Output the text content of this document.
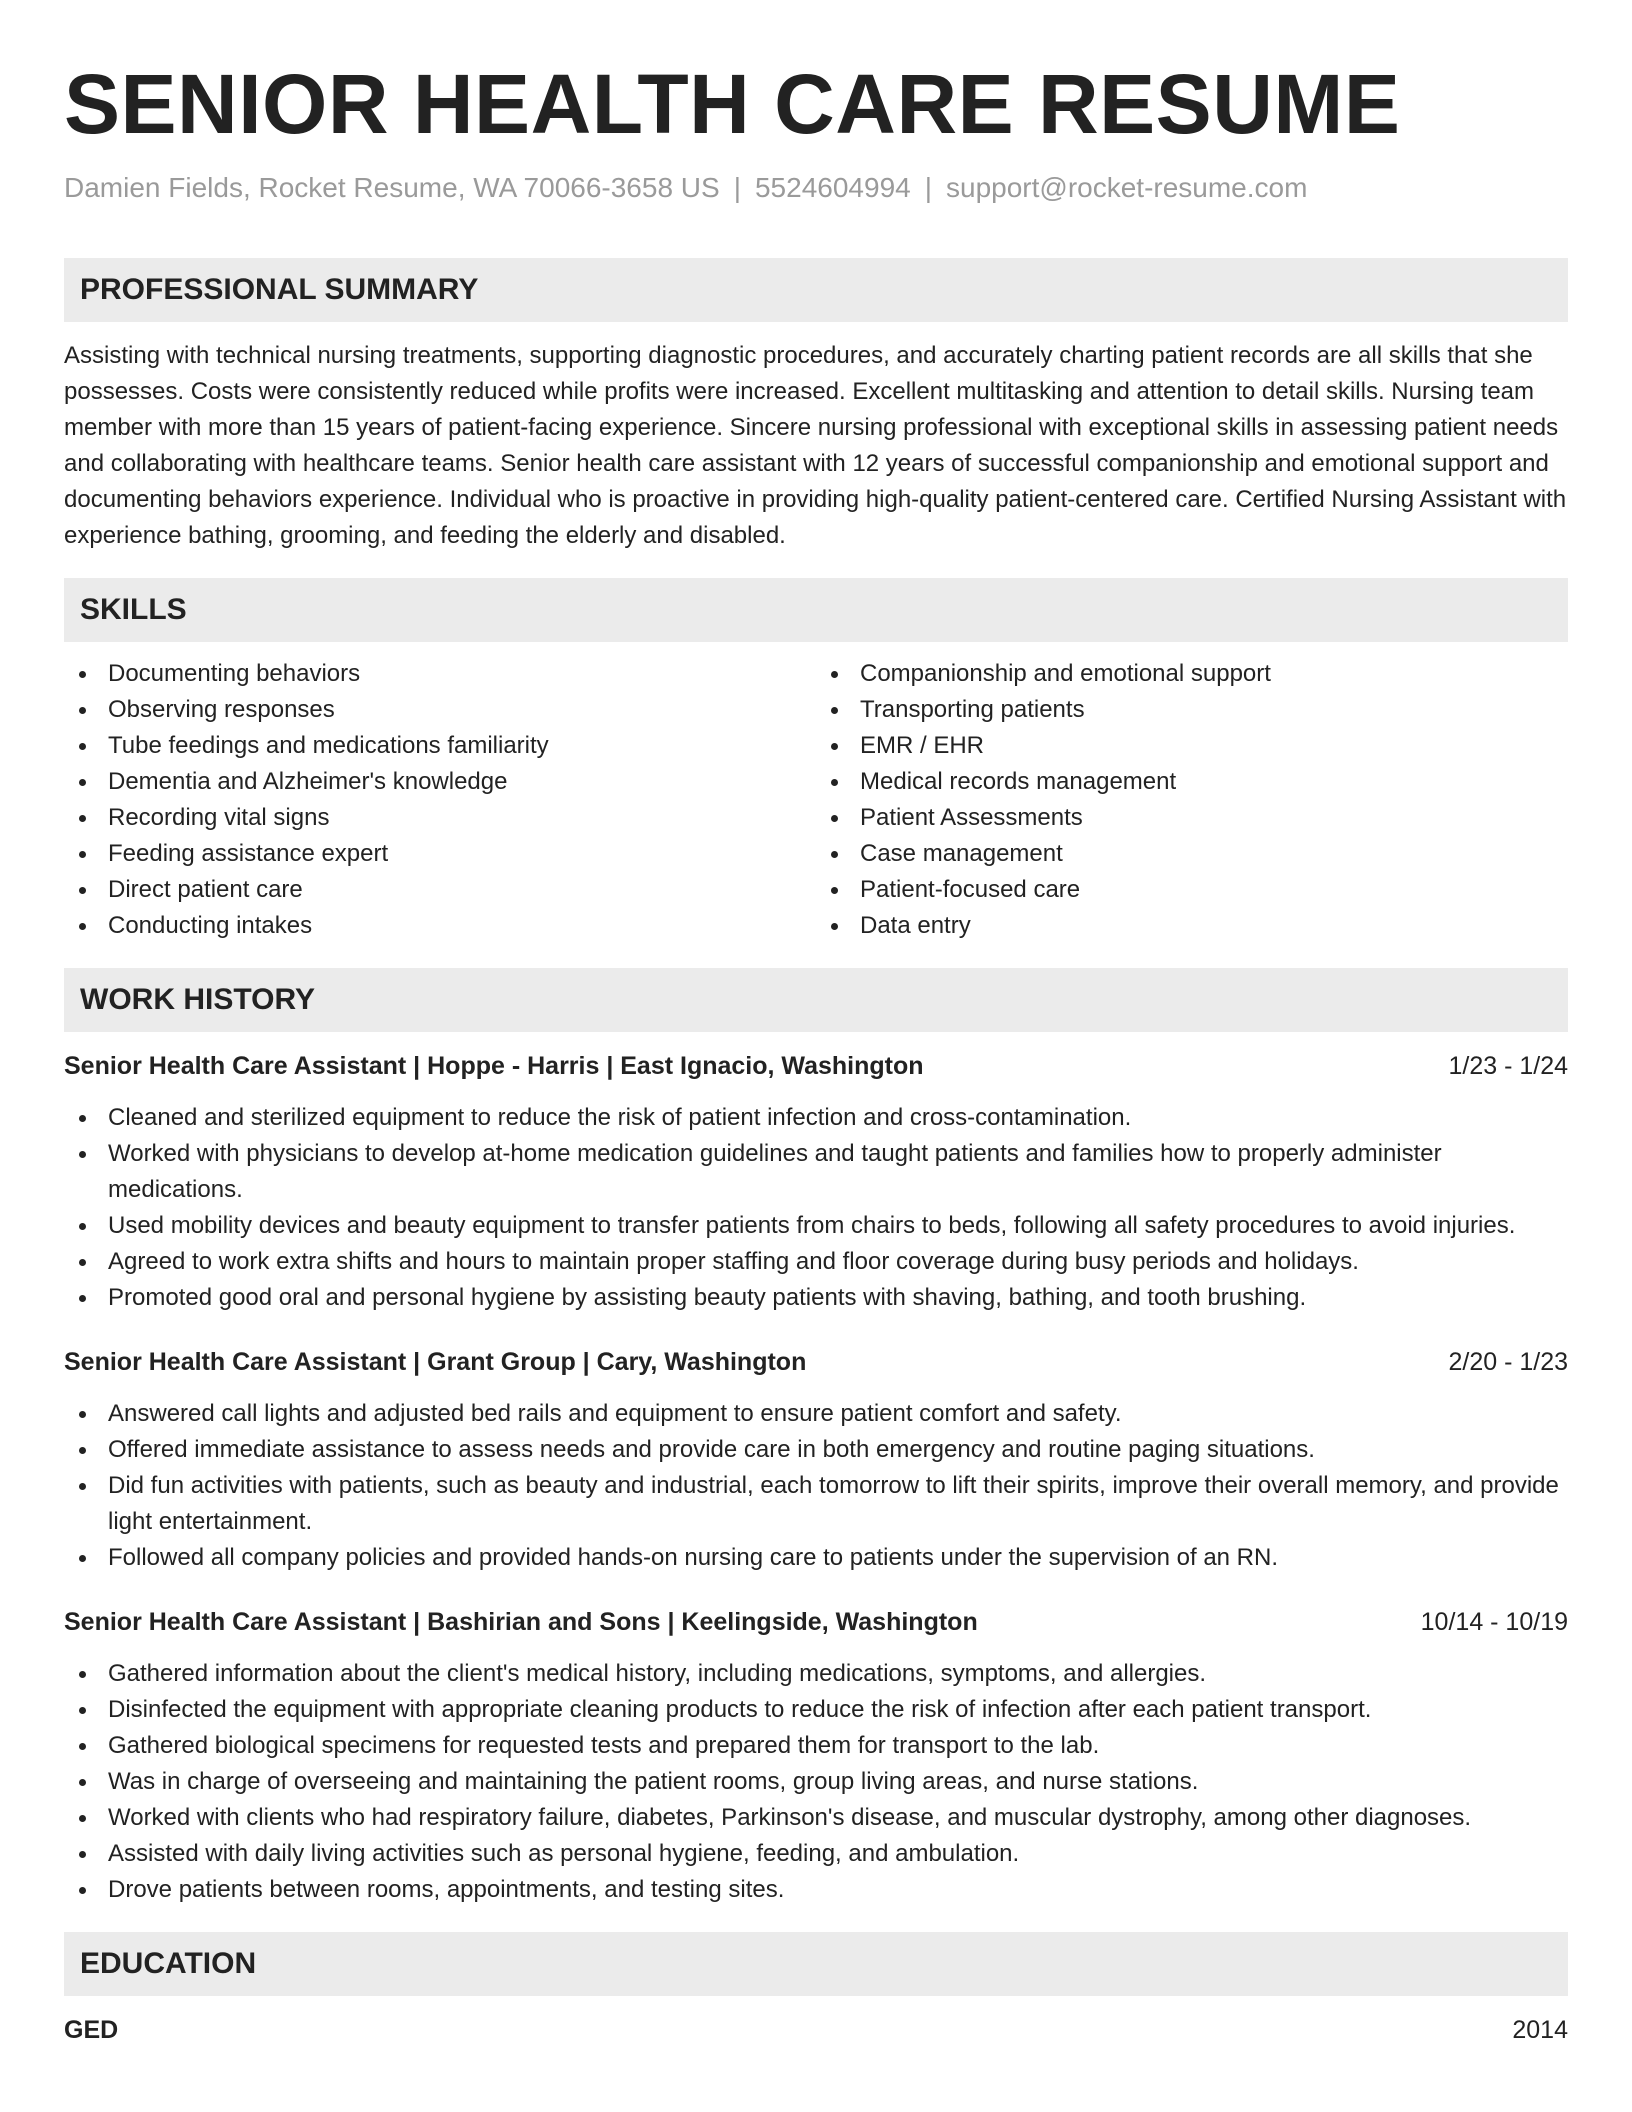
SENIOR HEALTH CARE RESUME
Damien Fields, Rocket Resume, WA 70066-3658 US | 5524604994 | support@rocket-resume.com
PROFESSIONAL SUMMARY
Assisting with technical nursing treatments, supporting diagnostic procedures, and accurately charting patient records are all skills that she possesses. Costs were consistently reduced while profits were increased. Excellent multitasking and attention to detail skills. Nursing team member with more than 15 years of patient-facing experience. Sincere nursing professional with exceptional skills in assessing patient needs and collaborating with healthcare teams. Senior health care assistant with 12 years of successful companionship and emotional support and documenting behaviors experience. Individual who is proactive in providing high-quality patient-centered care. Certified Nursing Assistant with experience bathing, grooming, and feeding the elderly and disabled.
SKILLS
Documenting behaviors
Observing responses
Tube feedings and medications familiarity
Dementia and Alzheimer's knowledge
Recording vital signs
Feeding assistance expert
Direct patient care
Conducting intakes
Companionship and emotional support
Transporting patients
EMR / EHR
Medical records management
Patient Assessments
Case management
Patient-focused care
Data entry
WORK HISTORY
Senior Health Care Assistant | Hoppe - Harris | East Ignacio, Washington	1/23 - 1/24
Cleaned and sterilized equipment to reduce the risk of patient infection and cross-contamination.
Worked with physicians to develop at-home medication guidelines and taught patients and families how to properly administer medications.
Used mobility devices and beauty equipment to transfer patients from chairs to beds, following all safety procedures to avoid injuries.
Agreed to work extra shifts and hours to maintain proper staffing and floor coverage during busy periods and holidays.
Promoted good oral and personal hygiene by assisting beauty patients with shaving, bathing, and tooth brushing.
Senior Health Care Assistant | Grant Group | Cary, Washington	2/20 - 1/23
Answered call lights and adjusted bed rails and equipment to ensure patient comfort and safety.
Offered immediate assistance to assess needs and provide care in both emergency and routine paging situations.
Did fun activities with patients, such as beauty and industrial, each tomorrow to lift their spirits, improve their overall memory, and provide light entertainment.
Followed all company policies and provided hands-on nursing care to patients under the supervision of an RN.
Senior Health Care Assistant | Bashirian and Sons | Keelingside, Washington	10/14 - 10/19
Gathered information about the client's medical history, including medications, symptoms, and allergies.
Disinfected the equipment with appropriate cleaning products to reduce the risk of infection after each patient transport.
Gathered biological specimens for requested tests and prepared them for transport to the lab.
Was in charge of overseeing and maintaining the patient rooms, group living areas, and nurse stations.
Worked with clients who had respiratory failure, diabetes, Parkinson's disease, and muscular dystrophy, among other diagnoses.
Assisted with daily living activities such as personal hygiene, feeding, and ambulation.
Drove patients between rooms, appointments, and testing sites.
EDUCATION
GED	2014
